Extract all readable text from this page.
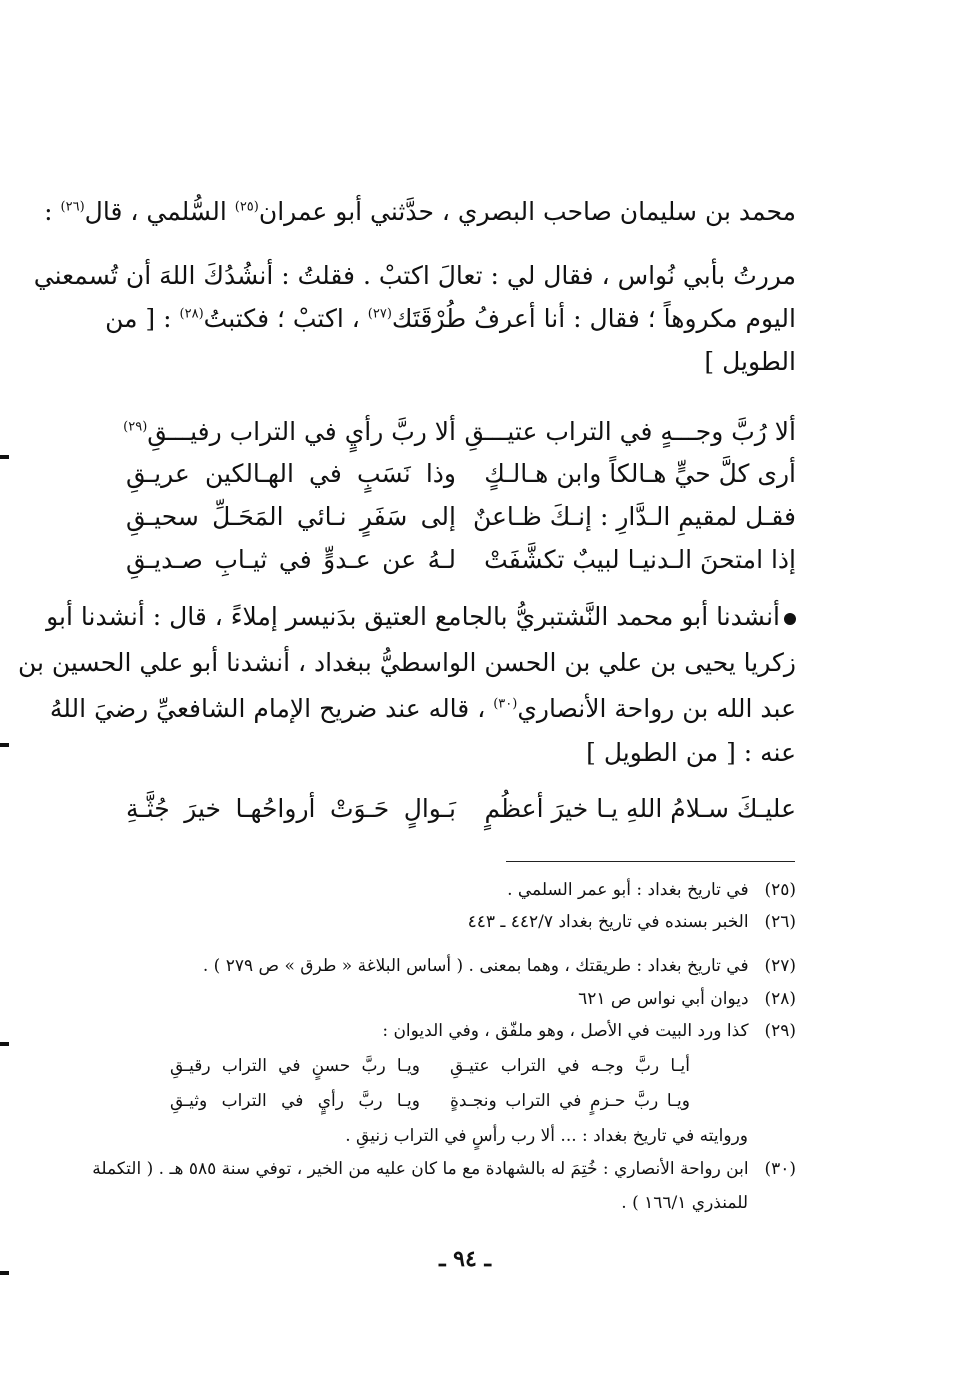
محمد بن سليمان صاحب البصري ، حدَّثني أبو عمران$^{(٢٥)}$ السُّلمي ، قال$^{(٢٦)}$ :
مررتُ بأبي نُواس ، فقال لي : تعالَ اكتبْ . فقلتُ : أنشُدُكَ اللهَ أن تُسمعني
اليوم مكروهاً ؛ فقال : أنا أعرفُ طُرْقَتَك$^{(٢٧)}$ ، اكتبْ ؛ فكتبتُ$^{(٢٨)}$ : [ من
الطويل ]
ألا رُبَّ وجـــهٍ في التراب عتيـــقِ
ألا ربَّ رأيٍ في التراب رفيـــقِ$^{(٢٩)}$
أرى كلَّ حيٍّ هـالكاً وابن هـالـكٍ
وذا نَسَبٍ في الهـالكين عريـقِ
فقـل لمقيمِ الـدَّارِ : إنـكَ ظـاعنٌ
إلى سَفَرٍ نـائي المَحَـلِّ سحيـقِ
إذا امتحنَ الـدنيـا لبيبٌ تكشَّفَتْ
لـهُ عن عـدوٍّ في ثيـابِ صـديـقِ
أنشدنا أبو محمد النَّشتبريُّ بالجامع العتيق بدَنيسر إملاءً ، قال : أنشدنا أبو
زكريا يحيى بن علي بن الحسن الواسطيُّ ببغداد ، أنشدنا أبو علي الحسين بن
عبد الله بن رواحة الأنصاري$^{(٣٠)}$ ، قاله عند ضريح الإمام الشافعيِّ رضيَ اللهُ
عنه : [ من الطويل ]
عليـكَ سـلامُ اللهِ يـا خيرَ أعظُمٍ
بَـوالٍ حَـوَتْ أرواحُهـا خيرَ جُثَّـةِ
(٢٥) في تاريخ بغداد : أبو عمر السلمي .
(٢٦) الخبر بسنده في تاريخ بغداد ٤٤٢/٧ ـ ٤٤٣
(٢٧) في تاريخ بغداد : طريقتك ، وهما بمعنى . ( أساس البلاغة « طرق » ص ٢٧٩ ) .
(٢٨) ديوان أبي نواس ص ٦٢١
(٢٩) كذا ورد البيت في الأصل ، وهو ملفّق ، وفي الديوان :
أيـا ربَّ وجـه في التراب عتيـقِ
ويـا ربَّ حسنٍ في التراب رقيـقِ
ويـا ربَّ حـزمٍ في التراب ونجـدةٍ
ويـا ربَّ رأيٍ في التراب وثيـقِ
وروايته في تاريخ بغداد : ... ألا رب رأسٍ في التراب زنيقِ .
(٣٠) ابن رواحة الأنصاري : خُتِمَ له بالشهادة مع ما كان عليه من الخير ، توفي سنة ٥٨٥ هـ . ( التكملة
للمنذري ١٦٦/١ ) .
ـ ٩٤ ـ
